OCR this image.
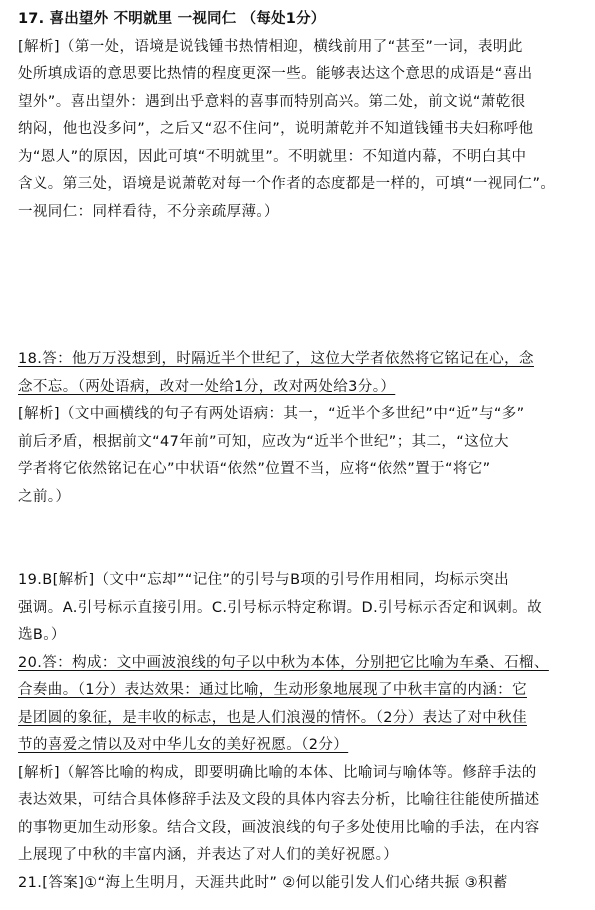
17. 喜出望外 不明就里 一视同仁 （每处1分）
[解析]（第一处，语境是说钱锺书热情相迎，横线前用了“甚至”一词，表明此
处所填成语的意思要比热情的程度更深一些。能够表达这个意思的成语是“喜出
望外”。喜出望外：遇到出乎意料的喜事而特别高兴。第二处，前文说“萧乾很
纳闷，他也没多问”，之后又“忍不住问”，说明萧乾并不知道钱锺书夫妇称呼他
为“恩人”的原因，因此可填“不明就里”。不明就里：不知道内幕，不明白其中
含义。第三处，语境是说萧乾对每一个作者的态度都是一样的，可填“一视同仁”。
一视同仁：同样看待，不分亲疏厚薄。）
18.答：他万万没想到，时隔近半个世纪了，这位大学者依然将它铭记在心，念
念不忘。（两处语病，改对一处给1分，改对两处给3分。）
[解析]（文中画横线的句子有两处语病：其一，“近半个多世纪”中“近”与“多”
前后矛盾，根据前文“47年前”可知，应改为“近半个世纪”；其二，“这位大
学者将它依然铭记在心”中状语“依然”位置不当，应将“依然”置于“将它”
之前。）
19.B[解析]（文中“忘却”“记住”的引号与B项的引号作用相同，均标示突出
强调。A.引号标示直接引用。C.引号标示特定称谓。D.引号标示否定和讽刺。故
选B。）
20.答：构成：文中画波浪线的句子以中秋为本体，分别把它比喻为车桑、石榴、
合奏曲。（1分）表达效果：通过比喻，生动形象地展现了中秋丰富的内涵：它
是团圆的象征，是丰收的标志，也是人们浪漫的情怀。（2分）表达了对中秋佳
节的喜爱之情以及对中华儿女的美好祝愿。（2分）
[解析]（解答比喻的构成，即要明确比喻的本体、比喻词与喻体等。修辞手法的
表达效果，可结合具体修辞手法及文段的具体内容去分析，比喻往往能使所描述
的事物更加生动形象。结合文段，画波浪线的句子多处使用比喻的手法，在内容
上展现了中秋的丰富内涵，并表达了对人们的美好祝愿。）
21.[答案]①“海上生明月，天涯共此时” ②何以能引发人们心绪共振 ③积蓄
